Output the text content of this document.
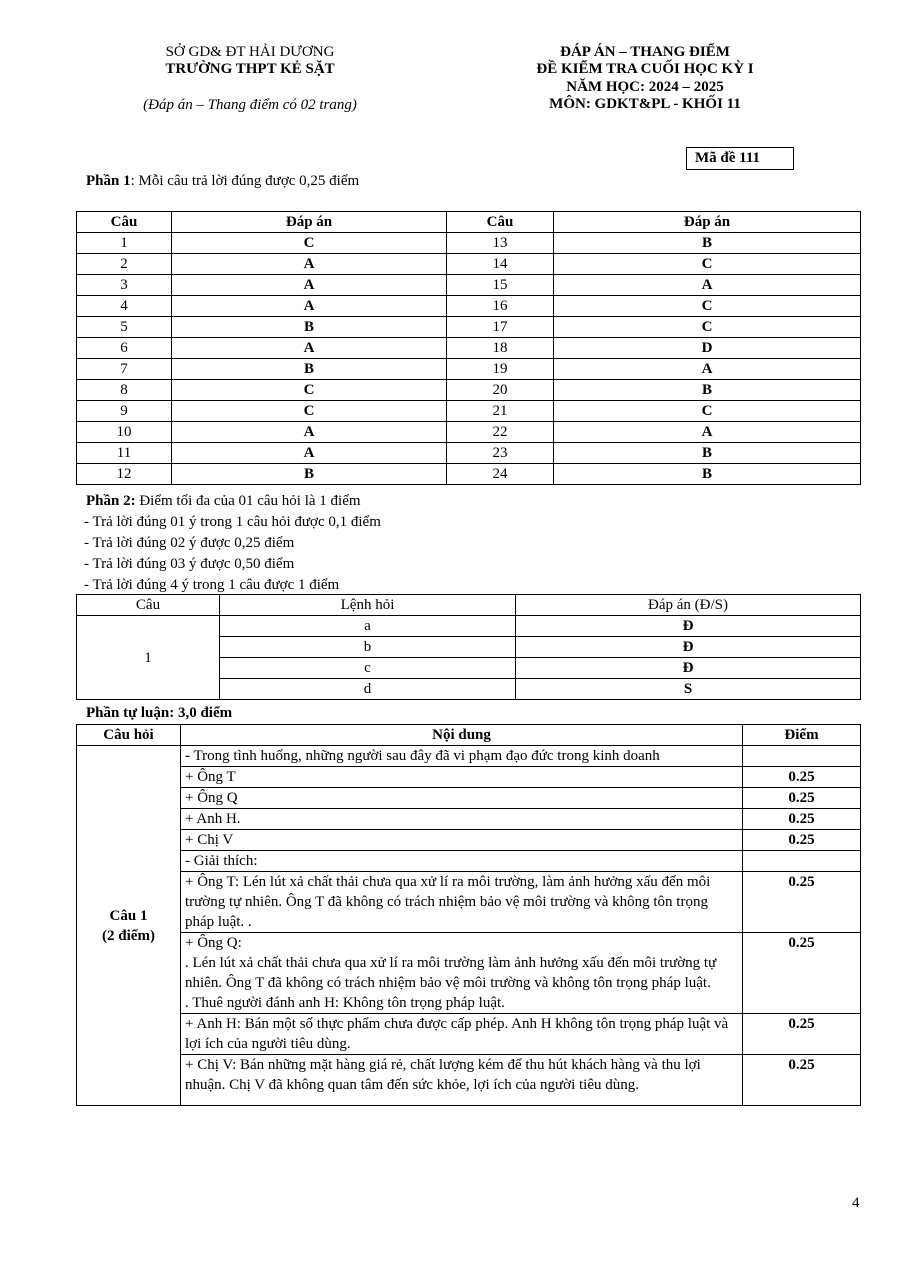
SỞ GD& ĐT HẢI DƯƠNG
TRƯỜNG THPT KẺ SẶT
(Đáp án – Thang điểm có 02 trang)
ĐÁP ÁN – THANG ĐIỂM
ĐỀ KIỂM TRA CUỐI HỌC KỲ I
NĂM HỌC: 2024 – 2025
MÔN: GDKT&PL - KHỐI 11
Mã đề 111
Phần 1: Mỗi câu trả lời đúng được 0,25 điểm
Câu	Đáp án	Câu	Đáp án
1	C	13	B
2	A	14	C
3	A	15	A
4	A	16	C
5	B	17	C
6	A	18	D
7	B	19	A
8	C	20	B
9	C	21	C
10	A	22	A
11	A	23	B
12	B	24	B
Phần 2: Điểm tối đa của 01 câu hỏi là 1 điểm
- Trả lời đúng 01 ý trong 1 câu hỏi được 0,1 điểm
- Trả lời đúng 02 ý được 0,25 điểm
- Trả lời đúng 03 ý được 0,50 điểm
- Trả lời đúng 4 ý trong 1 câu được 1 điểm
Câu	Lệnh hỏi	Đáp án (Đ/S)
1	a	Đ
	b	Đ
	c	Đ
	d	S
Phần tự luận: 3,0 điểm
Câu hỏi	Nội dung	Điểm

Câu 1
(2 điểm)	- Trong tình huống, những người sau đây đã vi phạm đạo đức trong kinh doanh	
	+ Ông T	0.25
	+ Ông Q	0.25
	+ Anh H.	0.25
	+ Chị V	0.25
	- Giải thích:	
	+ Ông T: Lén lút xả chất thải chưa qua xử lí ra môi trường, làm ảnh hưởng xấu đến môi trường tự nhiên. Ông T đã không có trách nhiệm bảo vệ môi trường và không tôn trọng pháp luật. .	0.25

	+ Ông Q:
. Lén lút xả chất thải chưa qua xử lí ra môi trường làm ảnh hưởng xấu đến môi trường tự nhiên. Ông T đã không có trách nhiệm bảo vệ môi trường và không tôn trọng pháp luật.
. Thuê người đánh anh H: Không tôn trọng pháp luật.	0.25
	+ Anh H: Bán một số thực phẩm chưa được cấp phép. Anh H không tôn trọng pháp luật và lợi ích của người tiêu dùng.	0.25
	+ Chị V: Bán những mặt hàng giá rẻ, chất lượng kém để thu hút khách hàng và thu lợi nhuận. Chị V đã không quan tâm đến sức khỏe, lợi ích của người tiêu dùng.	0.25
4
